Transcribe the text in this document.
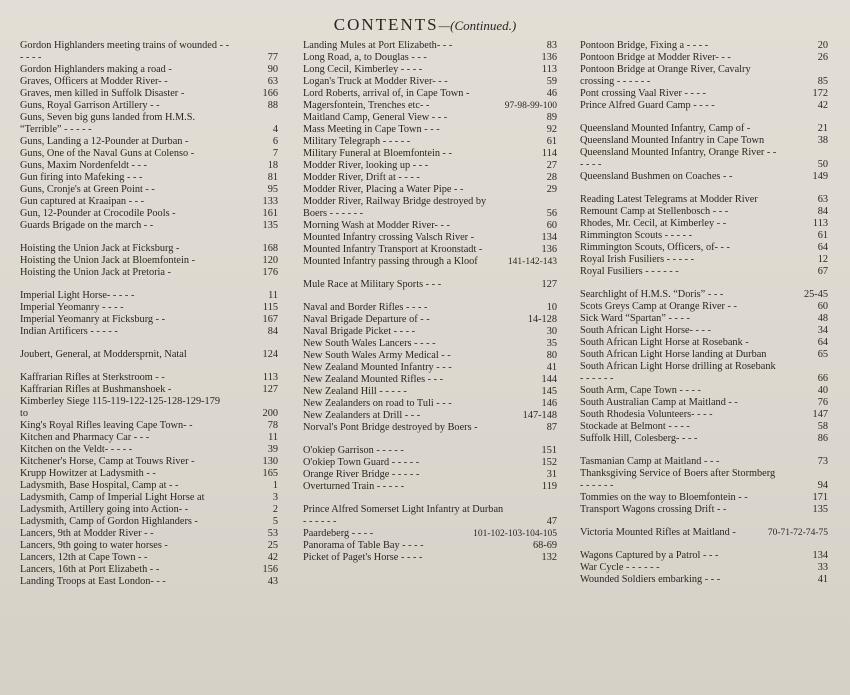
CONTENTS—(Continued.)
Gordon Highlanders meeting trains of wounded - - - - - -	77
Gordon Highlanders making a road -	90
Graves, Officers at Modder River- -	63
Graves, men killed in Suffolk Disaster -	166
Guns, Royal Garrison Artillery - -	88
Guns, Seven big guns landed from H.M.S. “Terrible” - - - - -	4
Guns, Landing a 12-Pounder at Durban -	6
Guns, One of the Naval Guns at Colenso -	7
Guns, Maxim Nordenfeldt - - -	18
Gun firing into Mafeking - - -	81
Guns, Cronje's at Green Point - -	95
Gun captured at Kraaipan - - -	133
Gun, 12-Pounder at Crocodile Pools -	161
Guards Brigade on the march - -	135
Hoisting the Union Jack at Ficksburg -	168
Hoisting the Union Jack at Bloemfontein -	120
Hoisting the Union Jack at Pretoria -	176
Imperial Light Horse- - - - -	11
Imperial Yeomanry - - - -	115
Imperial Yeomanry at Ficksburg - -	167
Indian Artificers - - - - -	84
Joubert, General, at Moddersprnit, Natal	124
Kaffrarian Rifles at Sterkstroom - -	113
Kaffrarian Rifles at Bushmanshoek -	127
Kimberley Siege 115-119-122-125-128-129-179 to	200
King's Royal Rifles leaving Cape Town- -	78
Kitchen and Pharmacy Car - - -	11
Kitchen on the Veldt- - - - -	39
Kitchener's Horse, Camp at Touws River -	130
Krupp Howitzer at Ladysmith - -	165
Ladysmith, Base Hospital, Camp at - -	1
Ladysmith, Camp of Imperial Light Horse at	3
Ladysmith, Artillery going into Action- -	2
Ladysmith, Camp of Gordon Highlanders -	5
Lancers, 9th at Modder River - -	53
Lancers, 9th going to water horses -	25
Lancers, 12th at Cape Town - -	42
Lancers, 16th at Port Elizabeth - -	156
Landing Troops at East London- - -	43
Landing Mules at Port Elizabeth- - -	83
Long Road, a, to Douglas - - -	136
Long Cecil, Kimberley - - - -	113
Logan's Truck at Modder River- - -	59
Lord Roberts, arrival of, in Cape Town -	46
Magersfontein, Trenches etc- -	97-98-99-100
Maitland Camp, General View - - -	89
Mass Meeting in Cape Town - - -	92
Military Telegraph - - - - -	61
Military Funeral at Bloemfontein - -	114
Modder River, looking up - - -	27
Modder River, Drift at - - - -	28
Modder River, Placing a Water Pipe - -	29
Modder River, Railway Bridge destroyed by Boers - - - - - -	56
Morning Wash at Modder River- - -	60
Mounted Infantry crossing Valsch River -	134
Mounted Infantry Transport at Kroonstadt -	136
Mounted Infantry passing through a Kloof	141-142-143
Mule Race at Military Sports - - -	127
Naval and Border Rifles - - - -	10
Naval Brigade Departure of - -	14-128
Naval Brigade Picket - - - -	30
New South Wales Lancers - - - -	35
New South Wales Army Medical - -	80
New Zealand Mounted Infantry - - -	41
New Zealand Mounted Rifles - - -	144
New Zealand Hill - - - - -	145
New Zealanders on road to Tuli - - -	146
New Zealanders at Drill - - -	147-148
Norval's Pont Bridge destroyed by Boers -	87
O'okiep Garrison - - - - -	151
O'okiep Town Guard - - - - -	152
Orange River Bridge - - - - -	31
Overturned Train - - - - -	119
Prince Alfred Somerset Light Infantry at Durban - - - - - -	47
Paardeberg - - - -	101-102-103-104-105
Panorama of Table Bay - - - -	68-69
Picket of Paget's Horse - - - -	132
Pontoon Bridge, Fixing a - - - -	20
Pontoon Bridge at Modder River- - -	26
Pontoon Bridge at Orange River, Cavalry crossing - - - - - -	85
Pont crossing Vaal River - - - -	172
Prince Alfred Guard Camp - - - -	42
Queensland Mounted Infantry, Camp of -	21
Queensland Mounted Infantry in Cape Town	38
Queensland Mounted Infantry, Orange River - - - - - -	50
Queensland Bushmen on Coaches - -	149
Reading Latest Telegrams at Modder River	63
Remount Camp at Stellenbosch - - -	84
Rhodes, Mr. Cecil, at Kimberley - -	113
Rimmington Scouts - - - - -	61
Rimmington Scouts, Officers, of- - -	64
Royal Irish Fusiliers - - - - -	12
Royal Fusiliers - - - - - -	67
Searchlight of H.M.S. “Doris” - - -	25-45
Scots Greys Camp at Orange River - -	60
Sick Ward “Spartan” - - - -	48
South African Light Horse- - - -	34
South African Light Horse at Rosebank -	64
South African Light Horse landing at Durban	65
South African Light Horse drilling at Rosebank - - - - - -	66
South Arm, Cape Town - - - -	40
South Australian Camp at Maitland - -	76
South Rhodesia Volunteers- - - -	147
Stockade at Belmont - - - -	58
Suffolk Hill, Colesberg- - - -	86
Tasmanian Camp at Maitland - - -	73
Thanksgiving Service of Boers after Stormberg - - - - - -	94
Tommies on the way to Bloemfontein - -	171
Transport Wagons crossing Drift - -	135
Victoria Mounted Rifles at Maitland -	70-71-72-74-75
Wagons Captured by a Patrol - - -	134
War Cycle - - - - - -	33
Wounded Soldiers embarking - - -	41
